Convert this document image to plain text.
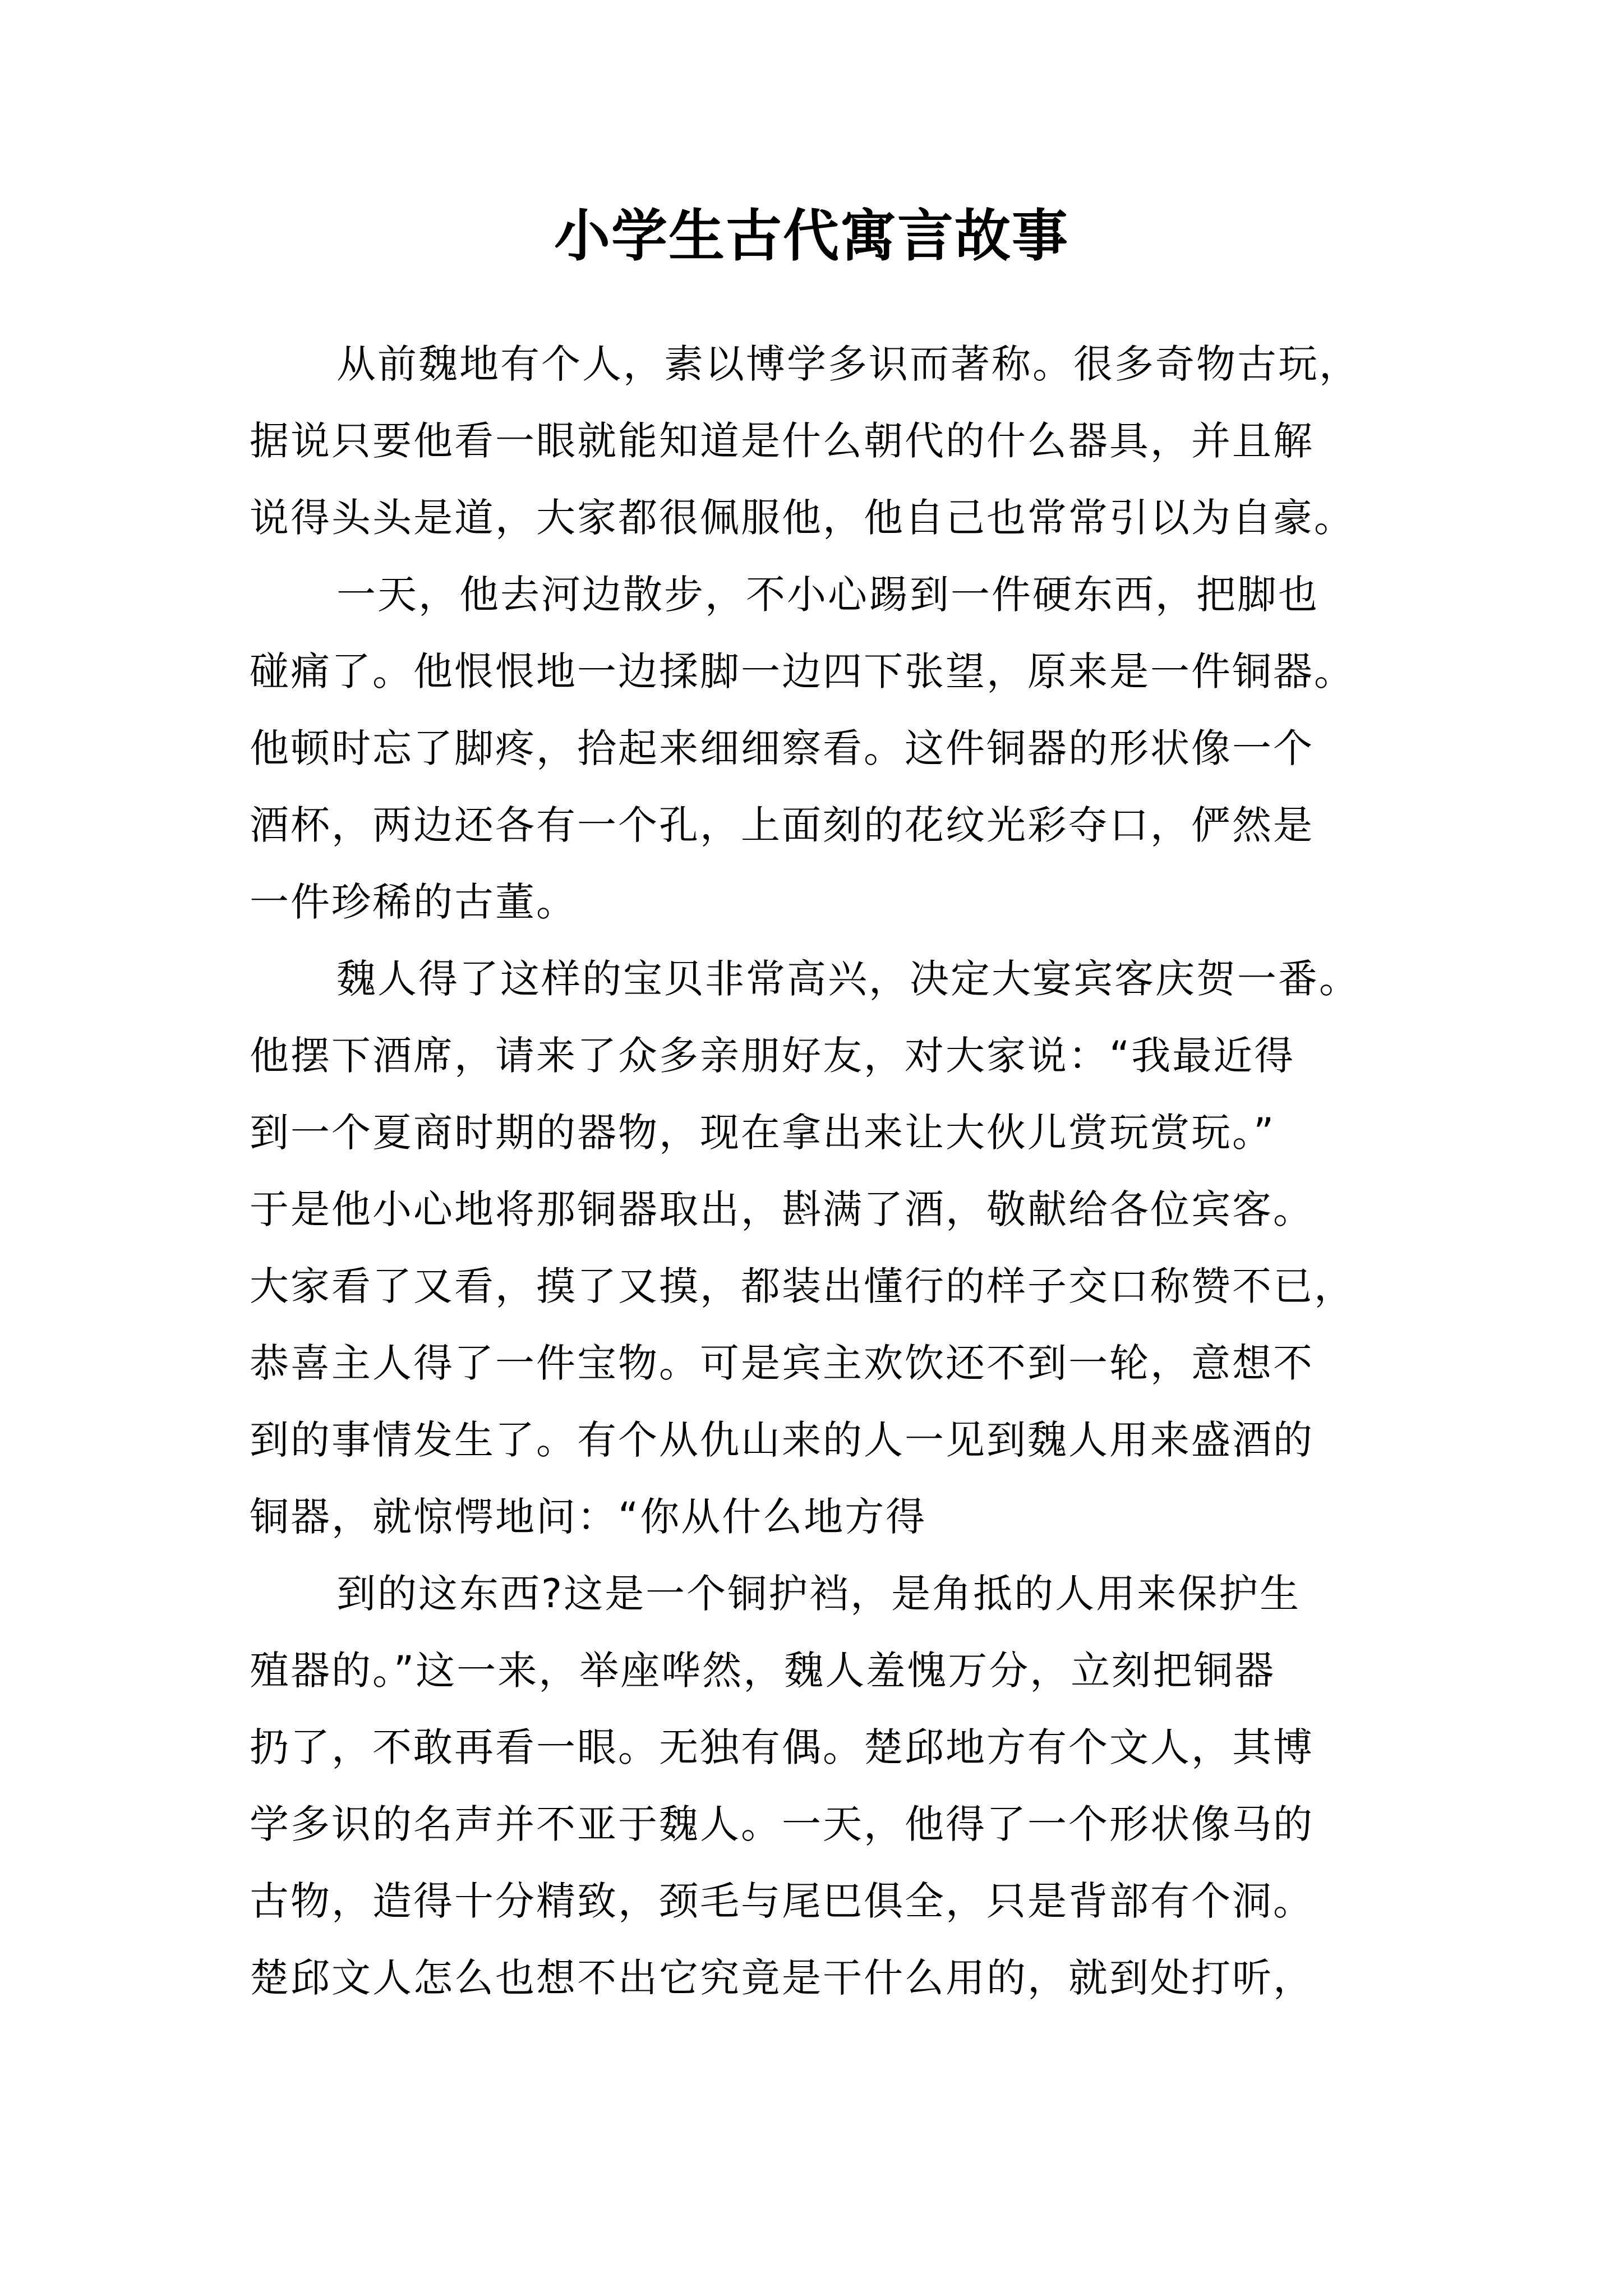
小学生古代寓言故事
从前魏地有个人，素以博学多识而著称。很多奇物古玩，
据说只要他看一眼就能知道是什么朝代的什么器具，并且解
说得头头是道，大家都很佩服他，他自己也常常引以为自豪。
一天，他去河边散步，不小心踢到一件硬东西，把脚也
碰痛了。他恨恨地一边揉脚一边四下张望，原来是一件铜器。
他顿时忘了脚疼，拾起来细细察看。这件铜器的形状像一个
酒杯，两边还各有一个孔，上面刻的花纹光彩夺口，俨然是
一件珍稀的古董。
魏人得了这样的宝贝非常高兴，决定大宴宾客庆贺一番。
他摆下酒席，请来了众多亲朋好友，对大家说：“我最近得
到一个夏商时期的器物，现在拿出来让大伙儿赏玩赏玩。”
于是他小心地将那铜器取出，斟满了酒，敬献给各位宾客。
大家看了又看，摸了又摸，都装出懂行的样子交口称赞不已，
恭喜主人得了一件宝物。可是宾主欢饮还不到一轮，意想不
到的事情发生了。有个从仇山来的人一见到魏人用来盛酒的
铜器，就惊愕地问：“你从什么地方得
到的这东西?这是一个铜护裆，是角抵的人用来保护生
殖器的。”这一来，举座哗然，魏人羞愧万分，立刻把铜器
扔了，不敢再看一眼。无独有偶。楚邱地方有个文人，其博
学多识的名声并不亚于魏人。一天，他得了一个形状像马的
古物，造得十分精致，颈毛与尾巴俱全，只是背部有个洞。
楚邱文人怎么也想不出它究竟是干什么用的，就到处打听，
